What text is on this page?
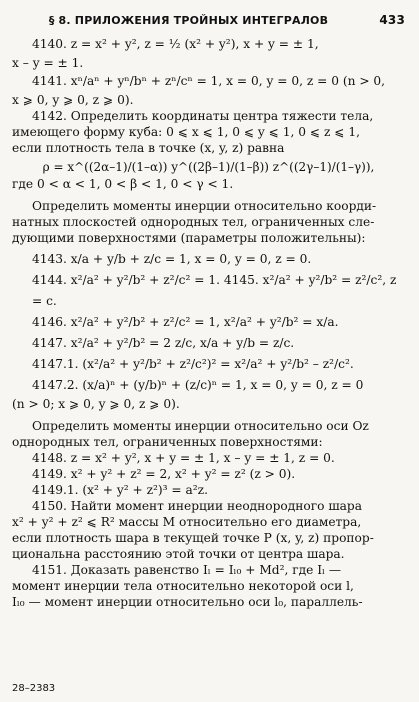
§ 8. ПРИЛОЖЕНИЯ ТРОЙНЫХ ИНТЕГРАЛОВ	433

4140. z = x² + y², z = ½ (x² + y²), x + y = ± 1,

x – y = ± 1.

4141. xⁿ/aⁿ + yⁿ/bⁿ + zⁿ/cⁿ = 1, x = 0, y = 0, z = 0 (n > 0,

x ⩾ 0, y ⩾ 0, z ⩾ 0).

4142. Определить координаты центра тяжести тела,

имеющего форму куба: 0 ⩽ x ⩽ 1, 0 ⩽ y ⩽ 1, 0 ⩽ z ⩽ 1,

если плотность тела в точке (x, y, z) равна

ρ = x^((2α–1)/(1–α)) y^((2β–1)/(1–β)) z^((2γ–1)/(1–γ)),

где 0 < α < 1, 0 < β < 1, 0 < γ < 1.

Определить моменты инерции относительно коорди-

натных плоскостей однородных тел, ограниченных сле-

дующими поверхностями (параметры положительны):

4143. x/a + y/b + z/c = 1, x = 0, y = 0, z = 0.

4144. x²/a² + y²/b² + z²/c² = 1. 4145. x²/a² + y²/b² = z²/c², z = c.

4146. x²/a² + y²/b² + z²/c² = 1, x²/a² + y²/b² = x/a.

4147. x²/a² + y²/b² = 2 z/c, x/a + y/b = z/c.

4147.1. (x²/a² + y²/b² + z²/c²)² = x²/a² + y²/b² – z²/c².

4147.2. (x/a)ⁿ + (y/b)ⁿ + (z/c)ⁿ = 1, x = 0, y = 0, z = 0

(n > 0; x ⩾ 0, y ⩾ 0, z ⩾ 0).

Определить моменты инерции относительно оси Oz

однородных тел, ограниченных поверхностями:

4148. z = x² + y², x + y = ± 1, x – y = ± 1, z = 0.

4149. x² + y² + z² = 2, x² + y² = z² (z > 0).

4149.1. (x² + y² + z²)³ = a²z.

4150. Найти момент инерции неоднородного шара

x² + y² + z² ⩽ R² массы M относительно его диаметра,

если плотность шара в текущей точке P (x, y, z) пропор-

циональна расстоянию этой точки от центра шара.

4151. Доказать равенство Iₗ = Iₗ₀ + Md², где Iₗ —

момент инерции тела относительно некоторой оси l,

Iₗ₀ — момент инерции относительно оси l₀, параллель-

28–2383
